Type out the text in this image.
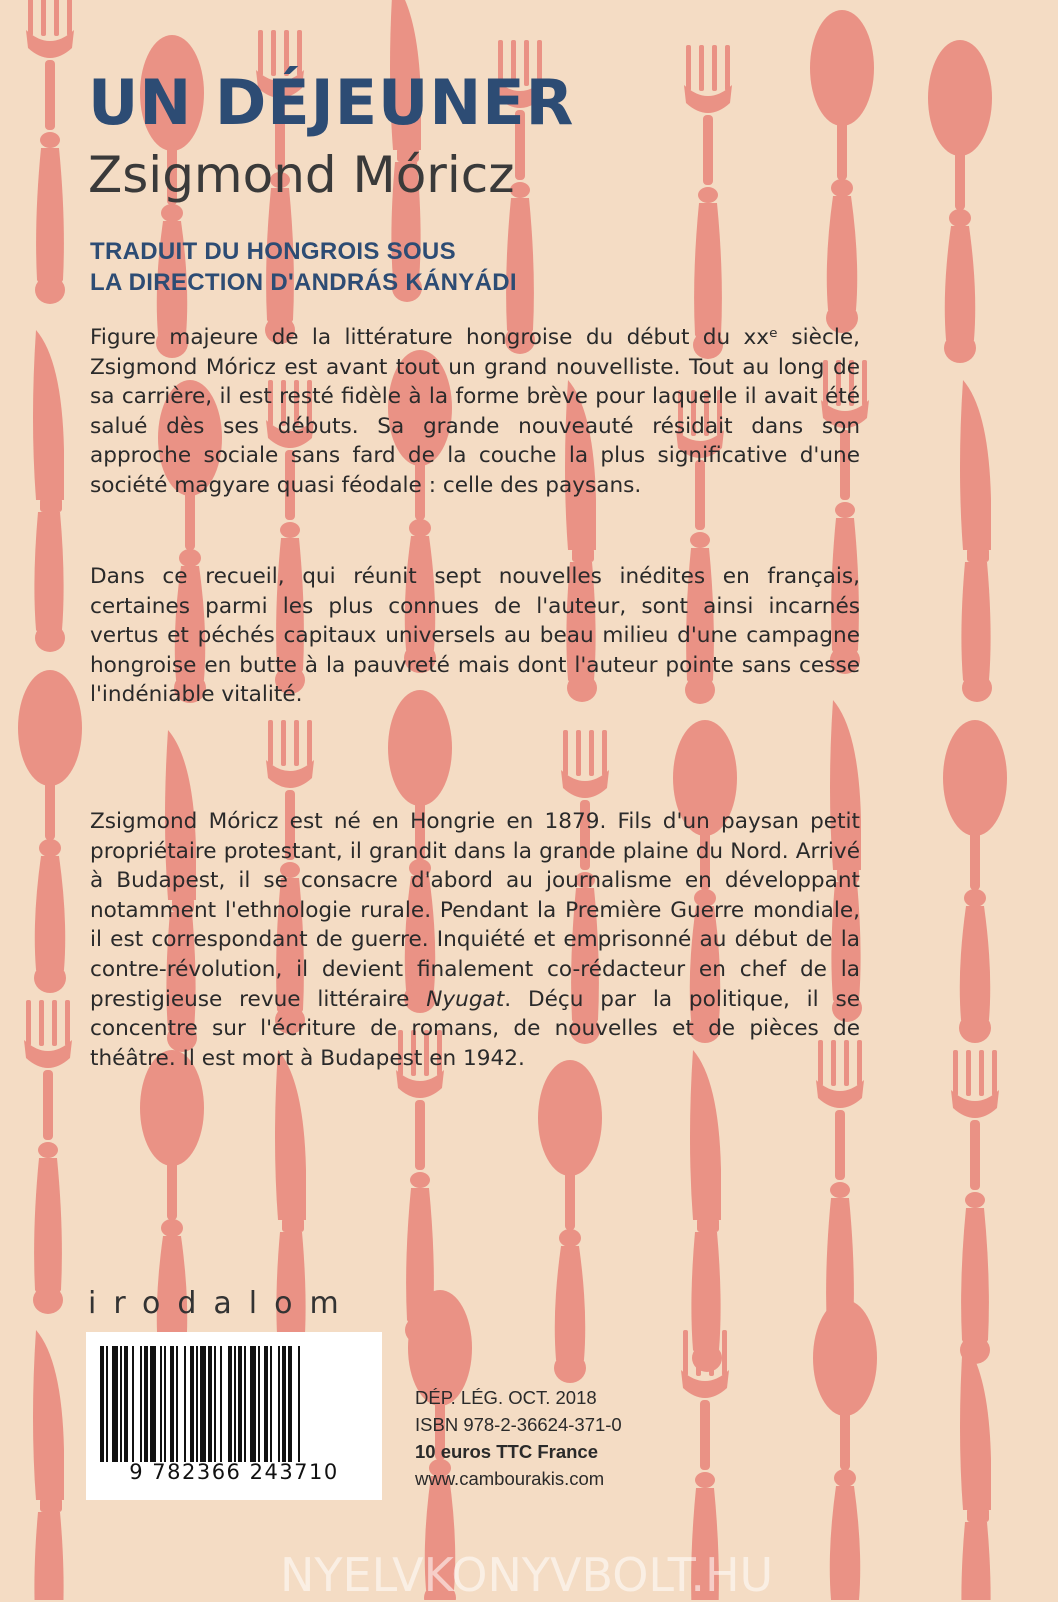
UN DÉJEUNER
Zsigmond Móricz
TRADUIT DU HONGROIS SOUS
LA DIRECTION D'ANDRÁS KÁNYÁDI

Figure majeure de la littérature hongroise du début du xxᵉ siècle, Zsigmond Móricz est avant tout un grand nouvelliste. Tout au long de sa carrière, il est resté fidèle à la forme brève pour laquelle il avait été salué dès ses débuts. Sa grande nouveauté résidait dans son approche sociale sans fard de la couche la plus significative d'une société magyare quasi féodale : celle des paysans.

Dans ce recueil, qui réunit sept nouvelles inédites en français, certaines parmi les plus connues de l'auteur, sont ainsi incarnés vertus et péchés capitaux universels au beau milieu d'une campagne hongroise en butte à la pauvreté mais dont l'auteur pointe sans cesse l'indéniable vitalité.

Zsigmond Móricz est né en Hongrie en 1879. Fils d'un paysan petit propriétaire protestant, il grandit dans la grande plaine du Nord. Arrivé à Budapest, il se consacre d'abord au journalisme en développant notamment l'ethnologie rurale. Pendant la Première Guerre mondiale, il est correspondant de guerre. Inquiété et emprisonné au début de la contre-révolution, il devient finalement co-rédacteur en chef de la prestigieuse revue littéraire Nyugat. Déçu par la politique, il se concentre sur l'écriture de romans, de nouvelles et de pièces de théâtre. Il est mort à Budapest en 1942.

irodalom
9 782366 243710
DÉP. LÉG. OCT. 2018
ISBN 978-2-36624-371-0
10 euros TTC France
www.cambourakis.com
NYELVKONYVBOLT.HU
